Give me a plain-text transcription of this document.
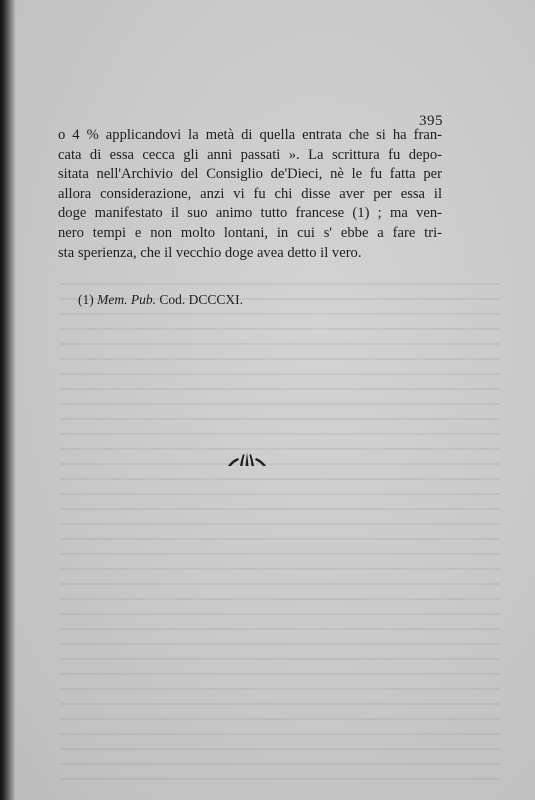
395

o 4 % applicandovi la metà di quella entrata che si ha fran-
cata di essa cecca gli anni passati ». La scrittura fu depo-
sitata nell'Archivio del Consiglio de'Dieci, nè le fu fatta per
allora considerazione, anzi vi fu chi disse aver per essa il
doge manifestato il suo animo tutto francese (1) ; ma ven-
nero tempi e non molto lontani, in cui s' ebbe a fare tri-
sta sperienza, che il vecchio doge avea detto il vero.

(1) Mem. Pub. Cod. DCCCXI.
